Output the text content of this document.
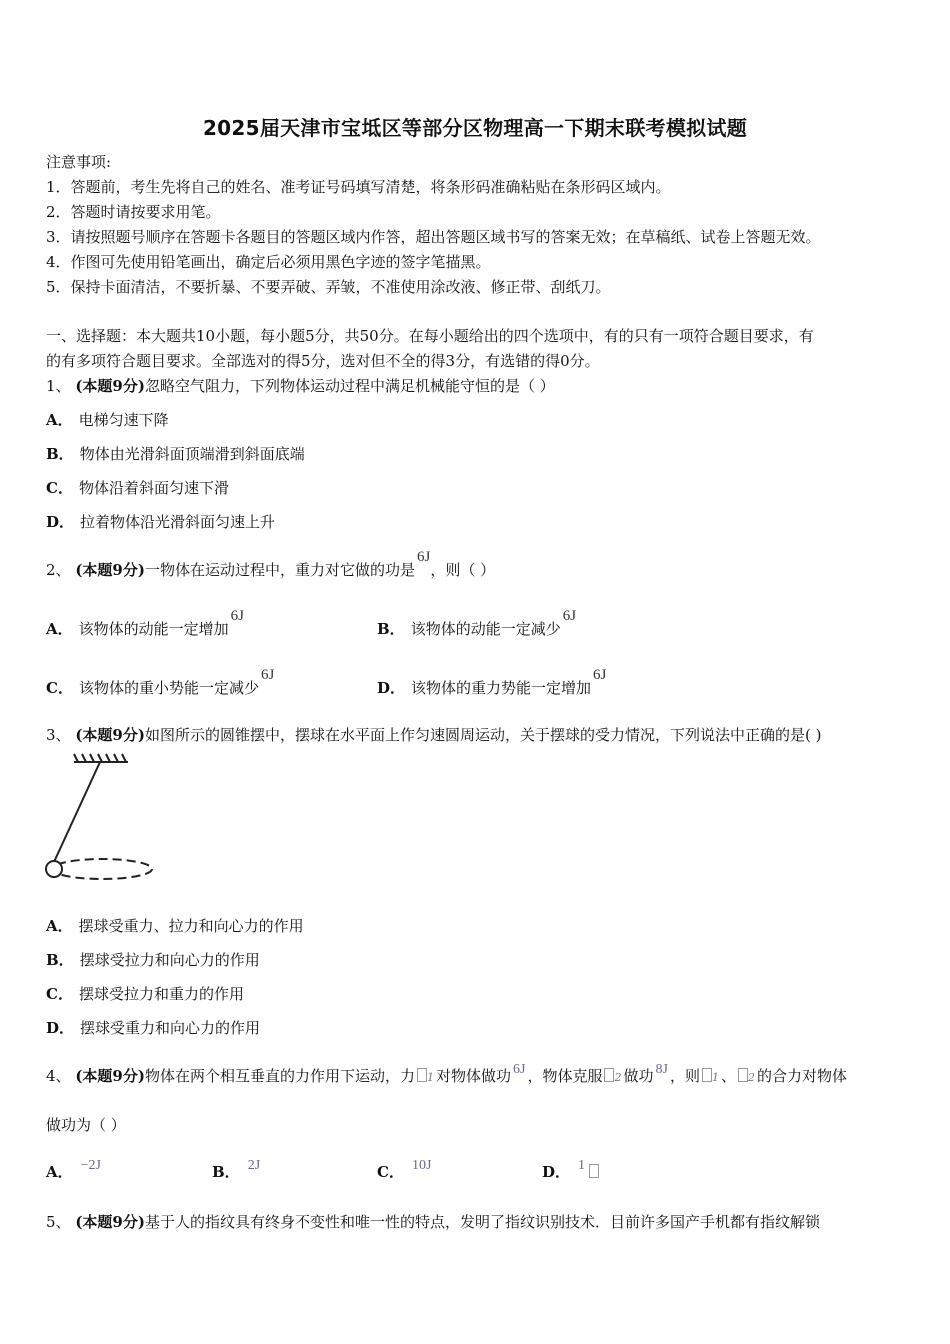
2025届天津市宝坻区等部分区物理高一下期末联考模拟试题
注意事项:
1．答题前，考生先将自己的姓名、准考证号码填写清楚，将条形码准确粘贴在条形码区域内。
2．答题时请按要求用笔。
3．请按照题号顺序在答题卡各题目的答题区域内作答，超出答题区域书写的答案无效；在草稿纸、试卷上答题无效。
4．作图可先使用铅笔画出，确定后必须用黑色字迹的签字笔描黑。
5．保持卡面清洁，不要折暴、不要弄破、弄皱，不准使用涂改液、修正带、刮纸刀。
一、选择题：本大题共10小题，每小题5分，共50分。在每小题给出的四个选项中，有的只有一项符合题目要求，有
的有多项符合题目要求。全部选对的得5分，选对但不全的得3分，有选错的得0分。
1、 (本题9分)忽略空气阻力，下列物体运动过程中满足机械能守恒的是（ ）
A． 电梯匀速下降
B． 物体由光滑斜面顶端滑到斜面底端
C． 物体沿着斜面匀速下滑
D． 拉着物体沿光滑斜面匀速上升
2、 (本题9分)一物体在运动过程中，重力对它做的功是6J，则（ ）
A． 该物体的动能一定增加6J
B． 该物体的动能一定减少6J
C． 该物体的重小势能一定减少6J
D． 该物体的重力势能一定增加6J
3、 (本题9分)如图所示的圆锥摆中，摆球在水平面上作匀速圆周运动，关于摆球的受力情况，下列说法中正确的是( )
A． 摆球受重力、拉力和向心力的作用
B． 摆球受拉力和向心力的作用
C． 摆球受拉力和重力的作用
D． 摆球受重力和向心力的作用
4、 (本题9分)物体在两个相互垂直的力作用下运动，力 1 对物体做功 6J ，物体克服 2 做功 8J ，则 1 、 2 的合力对物体
做功为（ ）
A． −2J	B． 2J	C． 10J	D． 1
5、 (本题9分)基于人的指纹具有终身不变性和唯一性的特点，发明了指纹识别技术．目前许多国产手机都有指纹解锁
